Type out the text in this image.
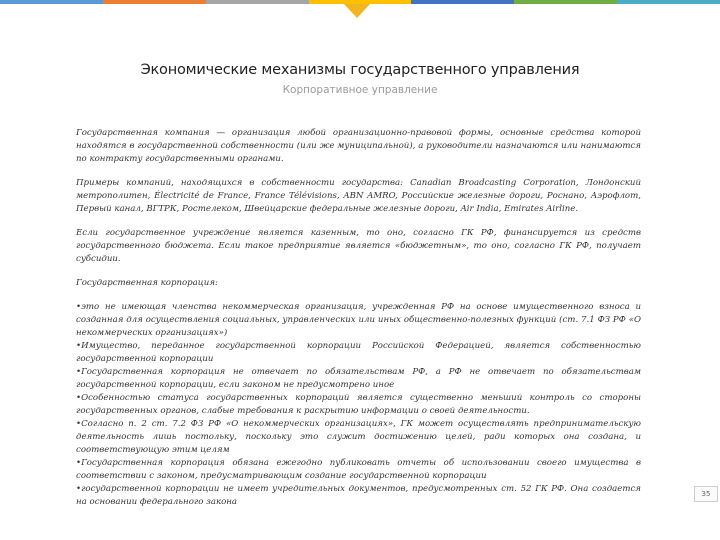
Экономические механизмы государственного управления
Корпоративное управление

Государственная компания — организация любой организационно-правовой формы, основные средства которой находятся в государственной собственности (или же муниципальной), а руководители назначаются или нанимаются по контракту государственными органами.

Примеры компаний, находящихся в собственности государства: Canadian Broadcasting Corporation, Лондонский метрополитен, Électricité de France, France Télévisions, ABN AMRO, Российские железные дороги, Роснано, Аэрофлот, Первый канал, ВГТРК, Ростелеком, Швейцарские федеральные железные дороги, Air India, Emirates Airline.

Если государственное учреждение является казенным, то оно, согласно ГК РФ, финансируется из средств государственного бюджета. Если такое предприятие является «бюджетным», то оно, согласно ГК РФ, получает субсидии.

Государственная корпорация:

•это не имеющая членства некоммерческая организация, учрежденная РФ на основе имущественного взноса и созданная для осуществления социальных, управленческих или иных общественно-полезных функций (ст. 7.1 ФЗ РФ «О некоммерческих организациях»)

•Имущество, переданное государственной корпорации Российской Федерацией, является собственностью государственной корпорации

•Государственная корпорация не отвечает по обязательствам РФ, а РФ не отвечает по обязательствам государственной корпорации, если законом не предусмотрено иное

•Особенностью статуса государственных корпораций является существенно меньший контроль со стороны государственных органов, слабые требования к раскрытию информации о своей деятельности.

•Согласно п. 2 ст. 7.2 ФЗ РФ «О некоммерческих организациях», ГК может осуществлять предпринимательскую деятельность лишь постольку, поскольку это служит достижению целей, ради которых она создана, и соответствующую этим целям

•Государственная корпорация обязана ежегодно публиковать отчеты об использовании своего имущества в соответствии с законом, предусматривающим создание государственной корпорации

•государственной корпорации не имеет учредительных документов, предусмотренных ст. 52 ГК РФ. Она создается на основании федерального закона

35
